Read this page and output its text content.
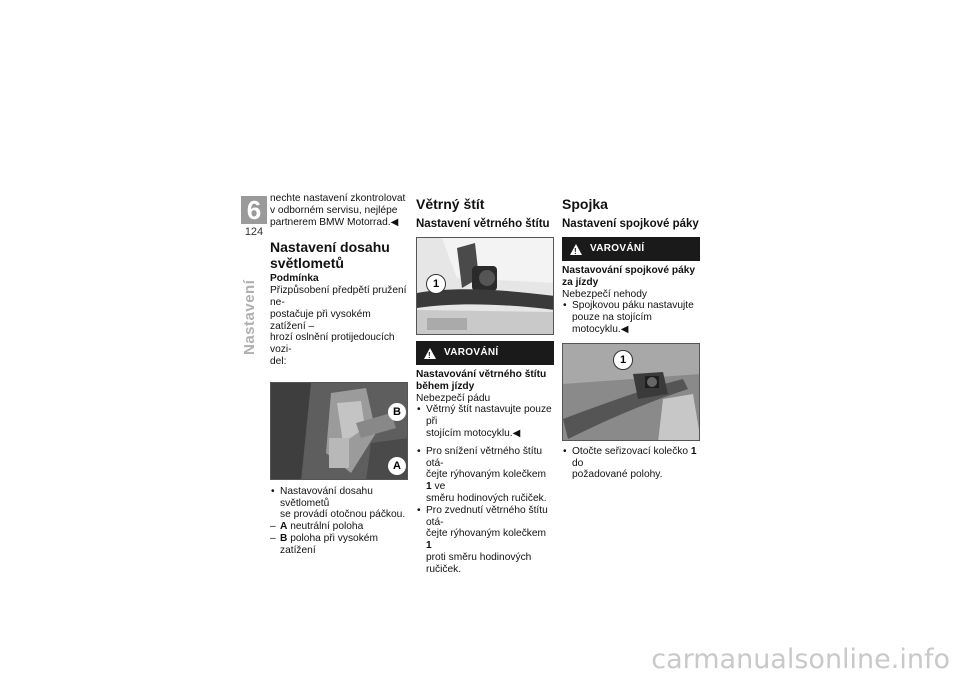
6
124
Nastavení

nechte nastavení zkontrolovat

v odborném servisu, nejlépe

partnerem BMW Motorrad.◀

Nastavení dosahu
světlometů
Podmínka

Přizpůsobení předpětí pružení ne-

postačuje při vysokém zatížení –

hrozí oslnění protijedoucích vozi-

del:

B
A
• Nastavování dosahu světlometů
se provádí otočnou páčkou.
– A neutrální poloha
– B poloha při vysokém zatížení
Větrný štít
Nastavení větrného štítu
1
! VAROVÁNÍ
Nastavování větrného štítu
během jízdy

Nebezpečí pádu

• Větrný štít nastavujte pouze při
stojícím motocyklu.◀
• Pro snížení větrného štítu otá-
čejte rýhovaným kolečkem 1 ve
směru hodinových ručiček.
• Pro zvednutí větrného štítu otá-
čejte rýhovaným kolečkem 1
proti směru hodinových ručiček.
Spojka
Nastavení spojkové páky
! VAROVÁNÍ
Nastavování spojkové páky
za jízdy

Nebezpečí nehody

• Spojkovou páku nastavujte
pouze na stojícím motocyklu.◀
1
• Otočte seřizovací kolečko 1 do
požadované polohy.
carmanualsonline.info
